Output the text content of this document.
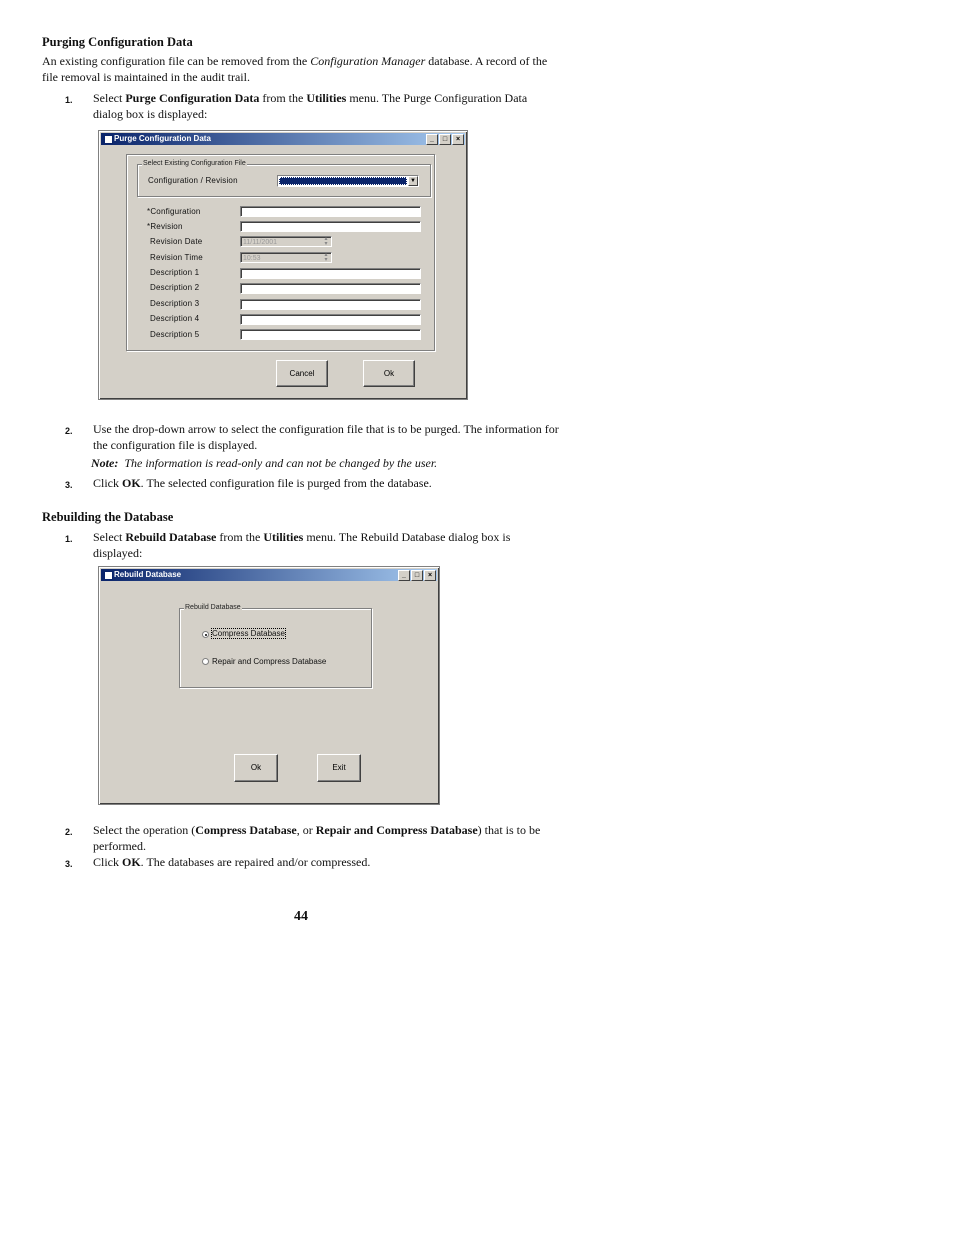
Purging Configuration Data
An existing configuration file can be removed from the Configuration Manager database. A record of the
file removal is maintained in the audit trail.
1. Select Purge Configuration Data from the Utilities menu. The Purge Configuration Data
dialog box is displayed:
Purge Configuration Data	_	□	×
Select Existing Configuration File
Configuration / Revision	▼
*Configuration
*Revision
Revision Date	11/11/2001	▴
▾
Revision Time	10:53	▴
▾
Description 1
Description 2
Description 3
Description 4
Description 5
Cancel	Ok
2. Use the drop-down arrow to select the configuration file that is to be purged. The information for
the configuration file is displayed.
Note: The information is read-only and can not be changed by the user.
3. Click OK. The selected configuration file is purged from the database.
Rebuilding the Database
1. Select Rebuild Database from the Utilities menu. The Rebuild Database dialog box is
displayed:
Rebuild Database	_	□	×
Rebuild Database
Compress Database
Repair and Compress Database
Ok	Exit
2. Select the operation (Compress Database, or Repair and Compress Database) that is to be
performed.
3. Click OK. The databases are repaired and/or compressed.
44
